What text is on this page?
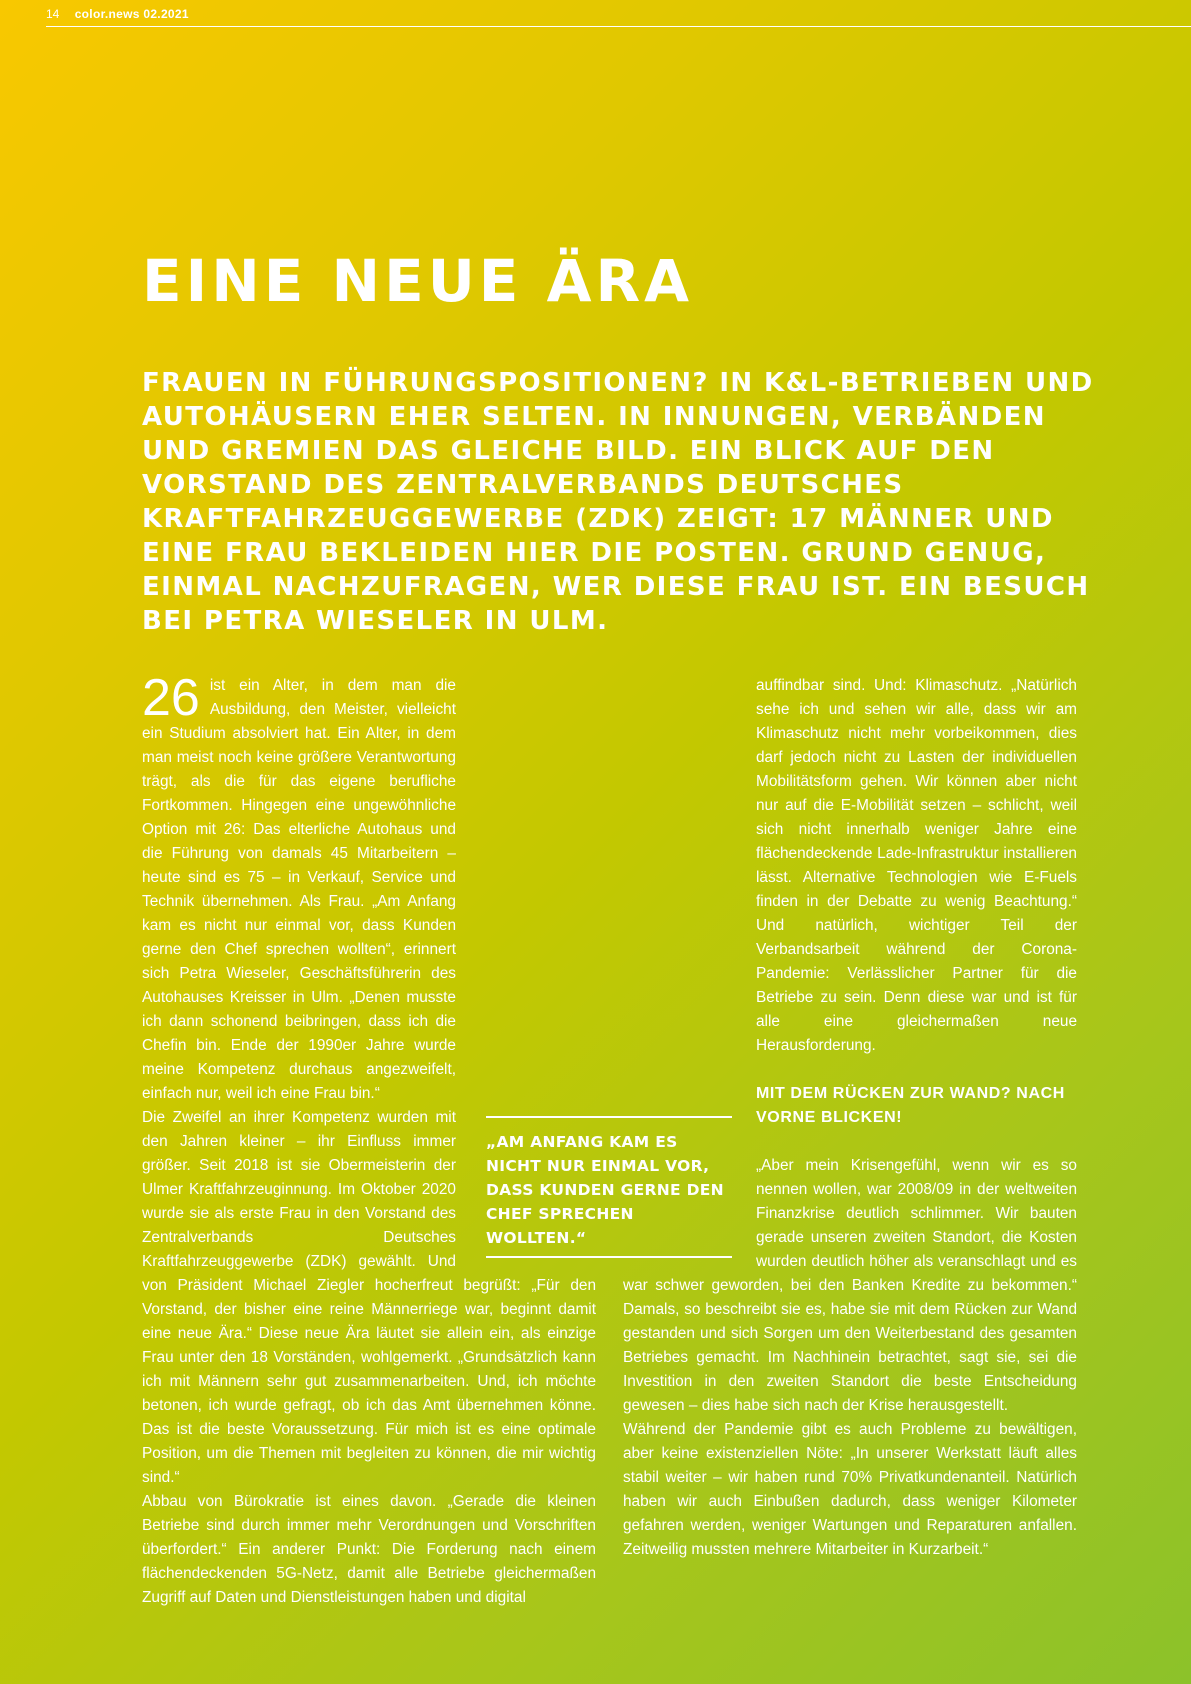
14 color.news 02.2021
EINE NEUE ÄRA

FRAUEN IN FÜHRUNGSPOSITIONEN? IN K&L-BETRIEBEN UND AUTOHÄUSERN EHER SELTEN. IN INNUNGEN, VERBÄNDEN UND GREMIEN DAS GLEICHE BILD. EIN BLICK AUF DEN VORSTAND DES ZENTRALVERBANDS DEUTSCHES KRAFTFAHRZEUGGEWERBE (ZDK) ZEIGT: 17 MÄNNER UND EINE FRAU BEKLEIDEN HIER DIE POSTEN. GRUND GENUG, EINMAL NACHZUFRAGEN, WER DIESE FRAU IST. EIN BESUCH BEI PETRA WIESELER IN ULM.

26 ist ein Alter, in dem man die Ausbildung, den Meister, vielleicht ein Studium absolviert hat. Ein Alter, in dem man meist noch keine größere Verantwortung trägt, als die für das eigene berufliche Fortkommen. Hingegen eine ungewöhnliche Option mit 26: Das elterliche Autohaus und die Führung von damals 45 Mitarbeitern – heute sind es 75 – in Verkauf, Service und Technik übernehmen. Als Frau. „Am Anfang kam es nicht nur einmal vor, dass Kunden gerne den Chef sprechen wollten“, erinnert sich Petra Wieseler, Geschäftsführerin des Autohauses Kreisser in Ulm. „Denen musste ich dann schonend beibringen, dass ich die Chefin bin. Ende der 1990er Jahre wurde meine Kompetenz durchaus angezweifelt, einfach nur, weil ich eine Frau bin.“

Die Zweifel an ihrer Kompetenz wurden mit den Jahren kleiner – ihr Einfluss immer größer. Seit 2018 ist sie Obermeisterin der Ulmer Kraftfahrzeuginnung. Im Oktober 2020 wurde sie als erste Frau in den Vorstand des Zentralverbands Deutsches Kraftfahrzeuggewerbe (ZDK) gewählt. Und von Präsident Michael Ziegler hocherfreut begrüßt: „Für den Vorstand, der bisher eine reine Männerriege war, beginnt damit eine neue Ära.“ Diese neue Ära läutet sie allein ein, als einzige Frau unter den 18 Vorständen, wohlgemerkt. „Grundsätzlich kann ich mit Männern sehr gut zusammenarbeiten. Und, ich möchte betonen, ich wurde gefragt, ob ich das Amt übernehmen könne. Das ist die beste Voraussetzung. Für mich ist es eine optimale Position, um die Themen mit begleiten zu können, die mir wichtig sind.“

Abbau von Bürokratie ist eines davon. „Gerade die kleinen Betriebe sind durch immer mehr Verordnungen und Vorschriften überfordert.“ Ein anderer Punkt: Die Forderung nach einem flächendeckenden 5G-Netz, damit alle Betriebe gleichermaßen Zugriff auf Daten und Dienstleistungen haben und digital

auffindbar sind. Und: Klimaschutz. „Natürlich sehe ich und sehen wir alle, dass wir am Klimaschutz nicht mehr vorbeikommen, dies darf jedoch nicht zu Lasten der individuellen Mobilitätsform gehen. Wir können aber nicht nur auf die E-Mobilität setzen – schlicht, weil sich nicht innerhalb weniger Jahre eine flächendeckende Lade-Infrastruktur installieren lässt. Alternative Technologien wie E-Fuels finden in der Debatte zu wenig Beachtung.“ Und natürlich, wichtiger Teil der Verbandsarbeit während der Corona-Pandemie: Verlässlicher Partner für die Betriebe zu sein. Denn diese war und ist für alle eine gleichermaßen neue Herausforderung.

MIT DEM RÜCKEN ZUR WAND? NACH VORNE BLICKEN!

„Aber mein Krisengefühl, wenn wir es so nennen wollen, war 2008/09 in der weltweiten Finanzkrise deutlich schlimmer. Wir bauten gerade unseren zweiten Standort, die Kosten wurden deutlich höher als veranschlagt und es war schwer geworden, bei den Banken Kredite zu bekommen.“ Damals, so beschreibt sie es, habe sie mit dem Rücken zur Wand gestanden und sich Sorgen um den Weiterbestand des gesamten Betriebes gemacht. Im Nachhinein betrachtet, sagt sie, sei die Investition in den zweiten Standort die beste Entscheidung gewesen – dies habe sich nach der Krise herausgestellt.

Während der Pandemie gibt es auch Probleme zu bewältigen, aber keine existenziellen Nöte: „In unserer Werkstatt läuft alles stabil weiter – wir haben rund 70% Privatkundenanteil. Natürlich haben wir auch Einbußen dadurch, dass weniger Kilometer gefahren werden, weniger Wartungen und Reparaturen anfallen. Zeitweilig mussten mehrere Mitarbeiter in Kurzarbeit.“

„AM ANFANG KAM ES NICHT NUR EINMAL VOR, DASS KUNDEN GERNE DEN CHEF SPRECHEN WOLLTEN.“
